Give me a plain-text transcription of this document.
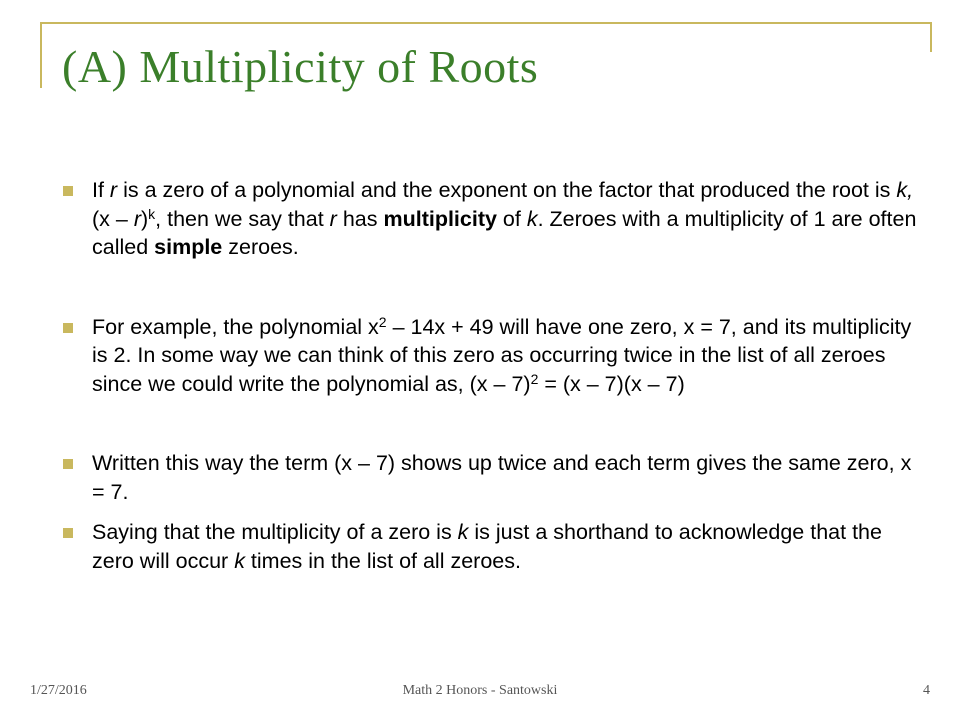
(A) Multiplicity of Roots
If r is a zero of a polynomial and the exponent on the factor that produced the root is k, (x – r)$^k$, then we say that r has multiplicity of k. Zeroes with a multiplicity of 1 are often called simple zeroes.
For example, the polynomial $x^2 - 14x + 49$ will have one zero, x = 7, and its multiplicity is 2. In some way we can think of this zero as occurring twice in the list of all zeroes since we could write the polynomial as, (x – 7)$^2$ = (x – 7)(x – 7)
Written this way the term (x – 7) shows up twice and each term gives the same zero, x = 7.
Saying that the multiplicity of a zero is k is just a shorthand to acknowledge that the zero will occur k times in the list of all zeroes.
1/27/2016	Math 2 Honors - Santowski	4
